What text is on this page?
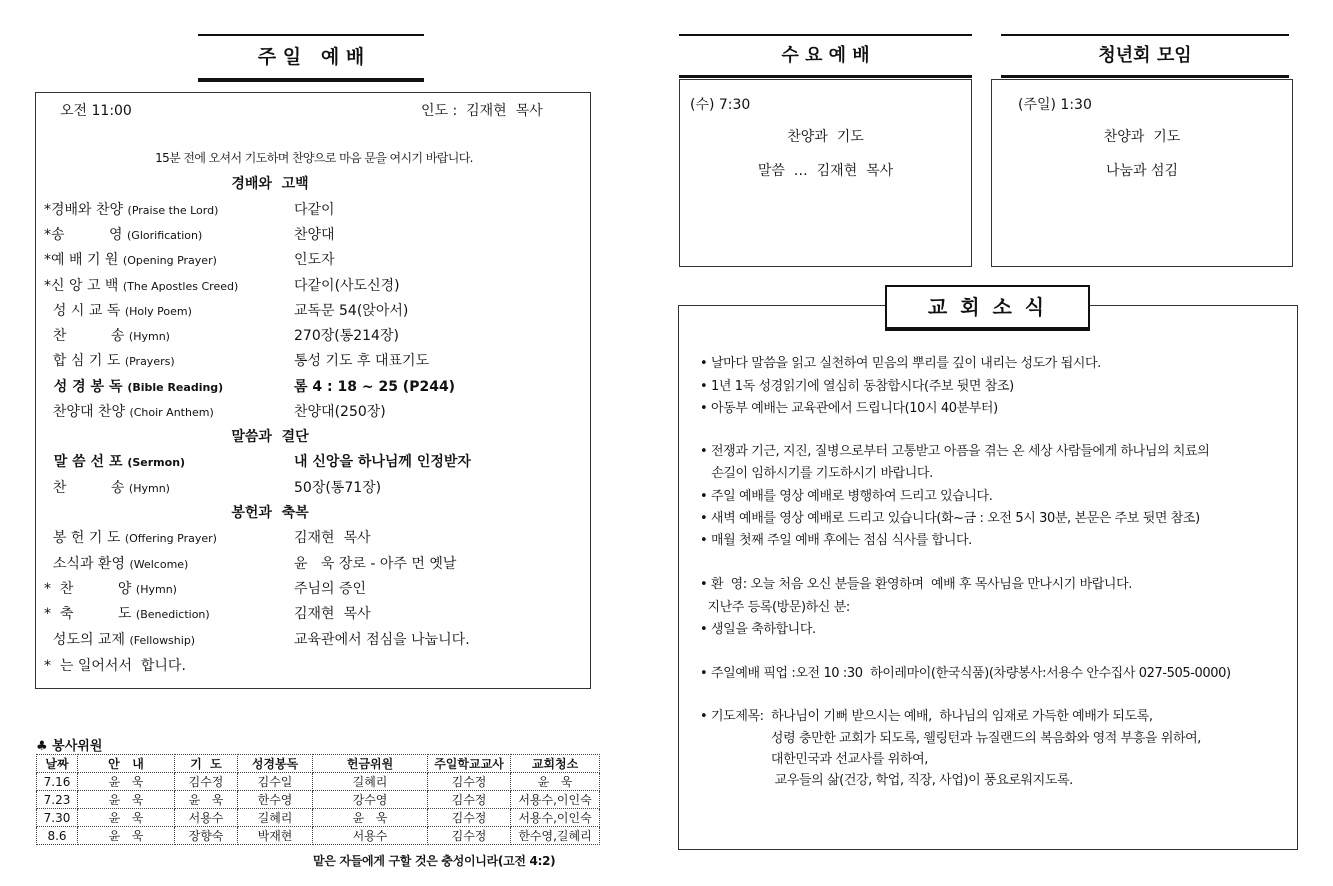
주 일   예 배
오전 11:00	인도 :  김재현  목사
15분 전에 오셔서 기도하며 찬양으로 마음 문을 여시기 바랍니다.
경배와  고백
말씀과  결단
봉헌과  축복
*경배와 찬양 (Praise the Lord)	다같이
*송          영 (Glorification)	찬양대
*예 배 기 원 (Opening Prayer)	인도자
*신 앙 고 백 (The Apostles Creed)	다같이(사도신경)
성 시 교 독 (Holy Poem)	교독문 54(앉아서)
찬          송 (Hymn)	270장(통214장)
합 심 기 도 (Prayers)	통성 기도 후 대표기도
성 경 봉 독 (Bible Reading)	롬 4 : 18 ~ 25 (P244)
찬양대 찬양 (Choir Anthem)	찬양대(250장)
말 씀 선 포 (Sermon)	내 신앙을 하나님께 인정받자
찬          송 (Hymn)	50장(통71장)
봉 헌 기 도 (Offering Prayer)	김재현  목사
소식과 환영 (Welcome)	윤   욱 장로 - 아주 먼 옛날
*  찬          양 (Hymn)	주님의 증인
*  축          도 (Benediction)	김재현  목사
성도의 교제 (Fellowship)	교육관에서 점심을 나눕니다.
*  는 일어서서  합니다.
♣ 봉사위원
날짜	안   내	기  도	성경봉독	헌금위원	주일학교교사	교회청소
7.16	윤   욱	김수정	김수일	길혜리	김수정	윤   욱
7.23	윤   욱	윤   욱	한수영	강수영	김수정	서용수,이인숙
7.30	윤   욱	서용수	길혜리	윤   욱	김수정	서용수,이인숙
8.6	윤   욱	장향숙	박재현	서용수	김수정	한수영,길혜리
맡은 자들에게 구할 것은 충성이니라(고전 4:2)
수 요 예 배
(수) 7:30
찬양과  기도
말씀  …  김재현  목사
청년회 모임
(주일) 1:30
찬양과  기도
나눔과 섬김
교 회 소 식
• 날마다 말씀을 읽고 실천하여 믿음의 뿌리를 깊이 내리는 성도가 됩시다.
• 1년 1독 성경읽기에 열심히 동참합시다(주보 뒷면 참조)
• 아동부 예배는 교육관에서 드립니다(10시 40분부터)
• 전쟁과 기근, 지진, 질병으로부터 고통받고 아픔을 겪는 온 세상 사람들에게 하나님의 치료의
손길이 임하시기를 기도하시기 바랍니다.
• 주일 예배를 영상 예배로 병행하여 드리고 있습니다.
• 새벽 예배를 영상 예배로 드리고 있습니다(화~금 : 오전 5시 30분, 본문은 주보 뒷면 참조)
• 매월 첫째 주일 예배 후에는 점심 식사를 합니다.
• 환  영: 오늘 처음 오신 분들을 환영하며  예배 후 목사님을 만나시기 바랍니다.
지난주 등록(방문)하신 분:
• 생일을 축하합니다.
• 주일예배 픽업 :오전 10 :30  하이레마이(한국식품)(차량봉사:서용수 안수집사 027-505-0000)
• 기도제목:  하나님이 기뻐 받으시는 예배,  하나님의 임재로 가득한 예배가 되도록,
성령 충만한 교회가 되도록, 웰링턴과 뉴질랜드의 복음화와 영적 부흥을 위하여,
대한민국과 선교사를 위하여,
교우들의 삶(건강, 학업, 직장, 사업)이 풍요로워지도록.
